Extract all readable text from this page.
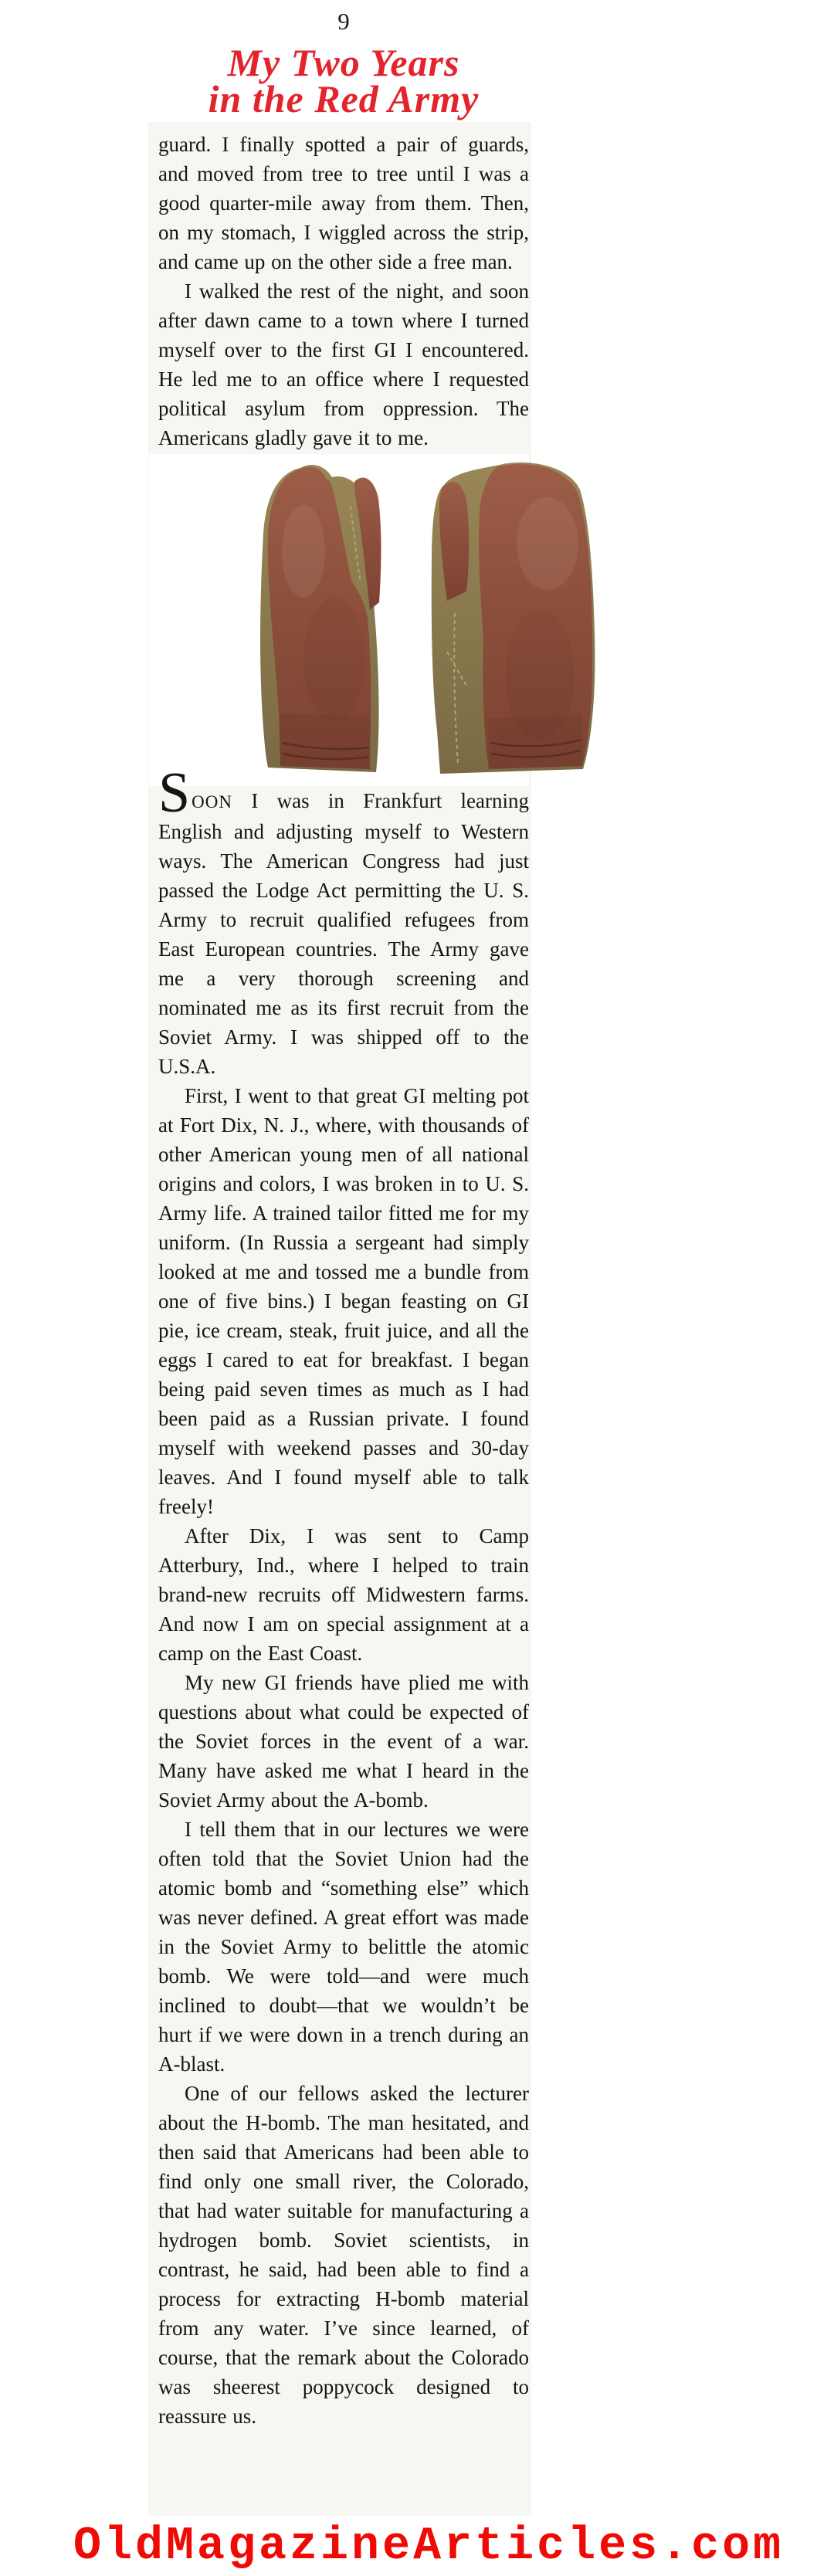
9
My Two Years
in the Red Army

guard. I finally spotted a pair of guards, and moved from tree to tree until I was a good quarter-mile away from them. Then, on my stomach, I wiggled across the strip, and came up on the other side a free man.

I walked the rest of the night, and soon after dawn came to a town where I turned myself over to the first GI I encountered. He led me to an office where I requested political asylum from oppression. The Americans gladly gave it to me.

SOON I was in Frankfurt learning English and adjusting myself to Western ways. The American Congress had just passed the Lodge Act permitting the U. S. Army to recruit qualified refugees from East European countries. The Army gave me a very thorough screening and nominated me as its first recruit from the Soviet Army. I was shipped off to the U.S.A.

First, I went to that great GI melting pot at Fort Dix, N. J., where, with thousands of other American young men of all national origins and colors, I was broken in to U. S. Army life. A trained tailor fitted me for my uniform. (In Russia a sergeant had simply looked at me and tossed me a bundle from one of five bins.) I began feasting on GI pie, ice cream, steak, fruit juice, and all the eggs I cared to eat for breakfast. I began being paid seven times as much as I had been paid as a Russian private. I found myself with weekend passes and 30-day leaves. And I found myself able to talk freely!

After Dix, I was sent to Camp Atterbury, Ind., where I helped to train brand-new recruits off Midwestern farms. And now I am on special assignment at a camp on the East Coast.

My new GI friends have plied me with questions about what could be expected of the Soviet forces in the event of a war. Many have asked me what I heard in the Soviet Army about the A-bomb.

I tell them that in our lectures we were often told that the Soviet Union had the atomic bomb and “something else” which was never defined. A great effort was made in the Soviet Army to belittle the atomic bomb. We were told—and were much inclined to doubt—that we wouldn’t be hurt if we were down in a trench during an A-blast.

One of our fellows asked the lecturer about the H-bomb. The man hesitated, and then said that Americans had been able to find only one small river, the Colorado, that had water suitable for manufacturing a hydrogen bomb. Soviet scientists, in contrast, he said, had been able to find a process for extracting H-bomb material from any water. I’ve since learned, of course, that the remark about the Colorado was sheerest poppycock designed to reassure us.

OldMagazineArticles.com
